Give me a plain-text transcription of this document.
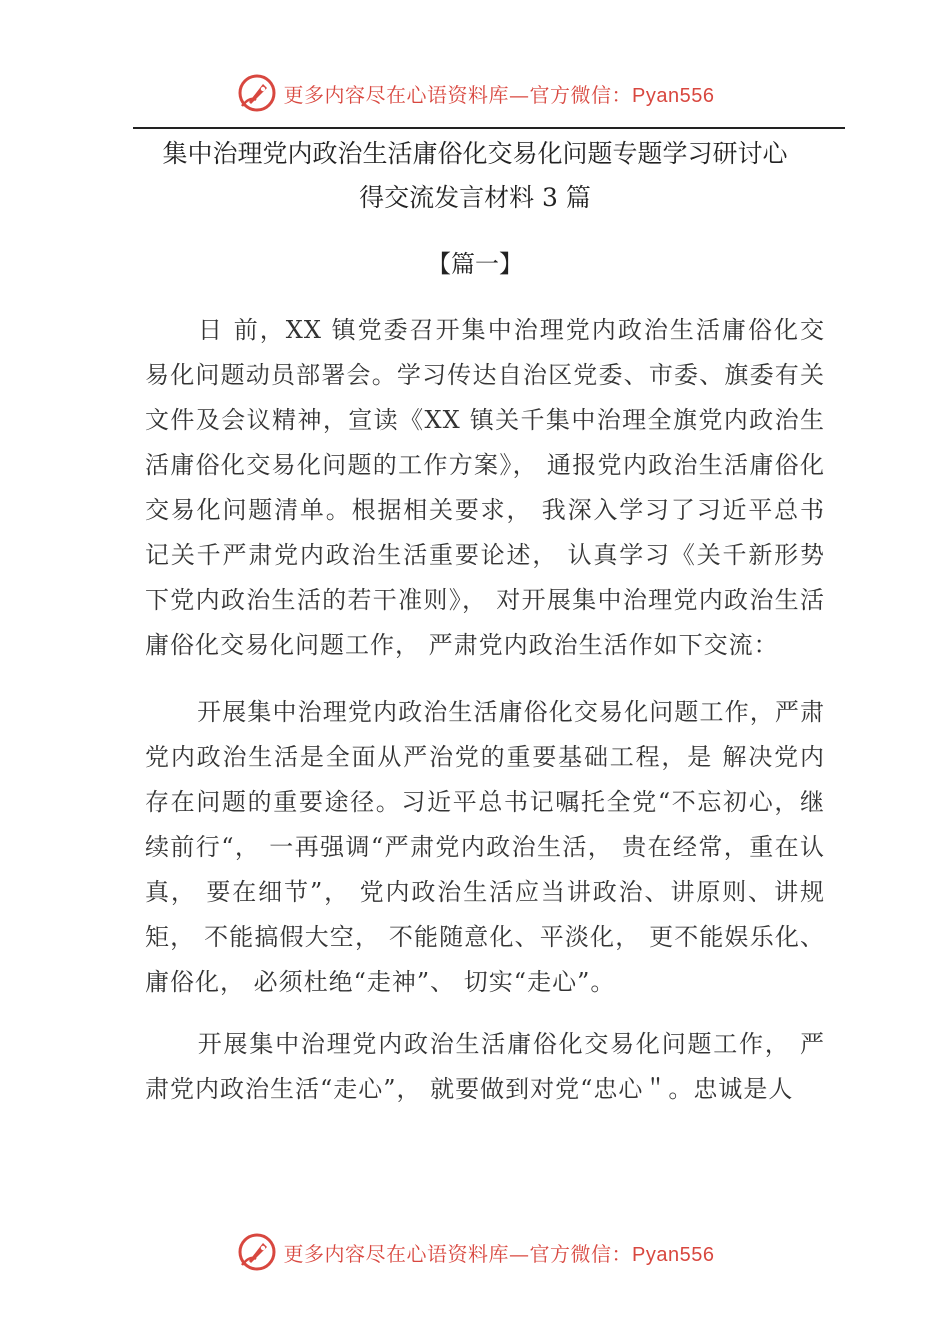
更多内容尽在心语资料库—官方微信：Pyan556
集中治理党内政治生活庸俗化交易化问题专题学习研讨心
得交流发言材料 3 篇
【篇一】

日 前，XX 镇党委召开集中治理党内政治生活庸俗化交易化问题动员部署会。学习传达自治区党委、市委、旗委有关文件及会议精神，宣读《XX 镇关千集中治理全旗党内政治生活庸俗化交易化问题的工作方案》， 通报党内政治生活庸俗化交易化问题清单。根据相关要求， 我深入学习了习近平总书记关千严肃党内政治生活重要论述， 认真学习《关千新形势下党内政治生活的若干准则》， 对开展集中治理党内政治生活庸俗化交易化问题工作， 严肃党内政治生活作如下交流：

开展集中治理党内政治生活庸俗化交易化问题工作，严肃党内政治生活是全面从严治党的重要基础工程，是 解决党内存在问题的重要途径。习近平总书记嘱托全党“不忘初心，继续前行“， 一再强调“严肃党内政治生活， 贵在经常，重在认真， 要在细节”， 党内政治生活应当讲政治、讲原则、讲规矩， 不能搞假大空， 不能随意化、平淡化， 更不能娱乐化、庸俗化， 必须杜绝“走神”、 切实“走心”。

开展集中治理党内政治生活庸俗化交易化问题工作， 严肃党内政治生活“走心”， 就要做到对党“忠心＂。忠诚是人

更多内容尽在心语资料库—官方微信：Pyan556
